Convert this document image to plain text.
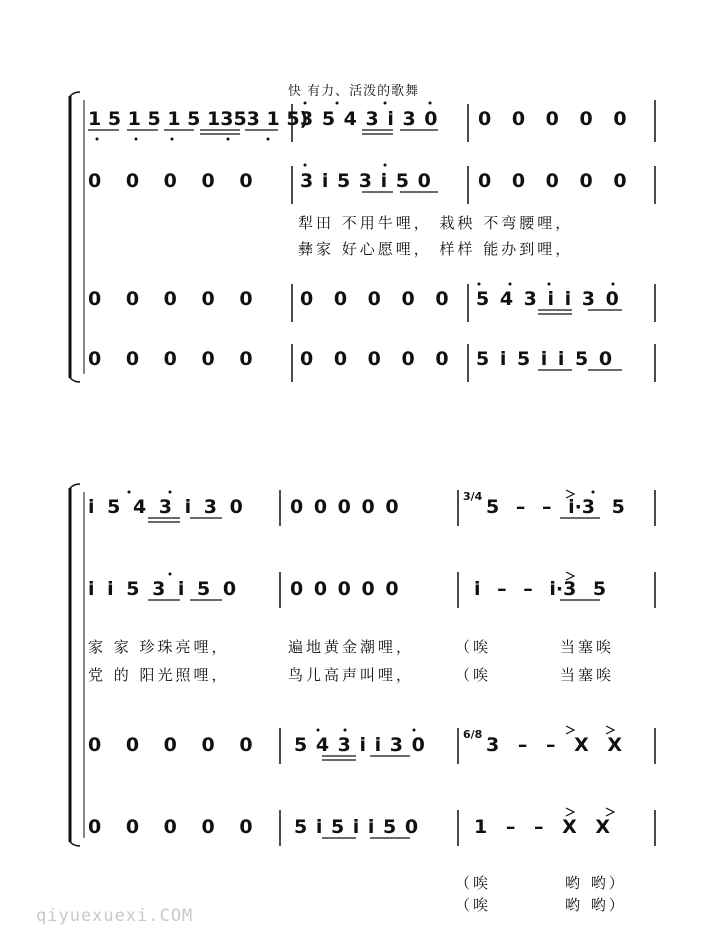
快 有力、活泼的歌舞
1 5 1 5 1 5 1353 1 5)
3 5 4 3 i 3 0 0 0 0 0 0
0 0 0 0 0 3 i 5 3 i 5 0 0 0 0 0 0
犁田 不用牛哩， 栽秧 不弯腰哩，
彝家 好心愿哩， 样样 能办到哩，
0 0 0 0 0 0 0 0 0 0 5 4 3 i i 3 0
0 0 0 0 0 0 0 0 0 0 5 i 5 i i 5 0
i 5 4 3 i 3 0 0 0 0 0 0	3/4 5 – – i·3 5
i i 5 3 i 5 0	0 0 0 0 0	i – – i·3 5
家 家 珍珠亮哩，	遍地黄金潮哩，	（唉	当塞唉
党 的 阳光照哩，	鸟儿高声叫哩，	（唉	当塞唉
0 0 0 0 0 5 4 3 i i 3 0	6/8 3 – – X X
0 0 0 0 0 5 i 5 i i 5 0	1 – – X X
（唉	哟 哟）
（唉	哟 哟）
qiyuexuexi.COM
